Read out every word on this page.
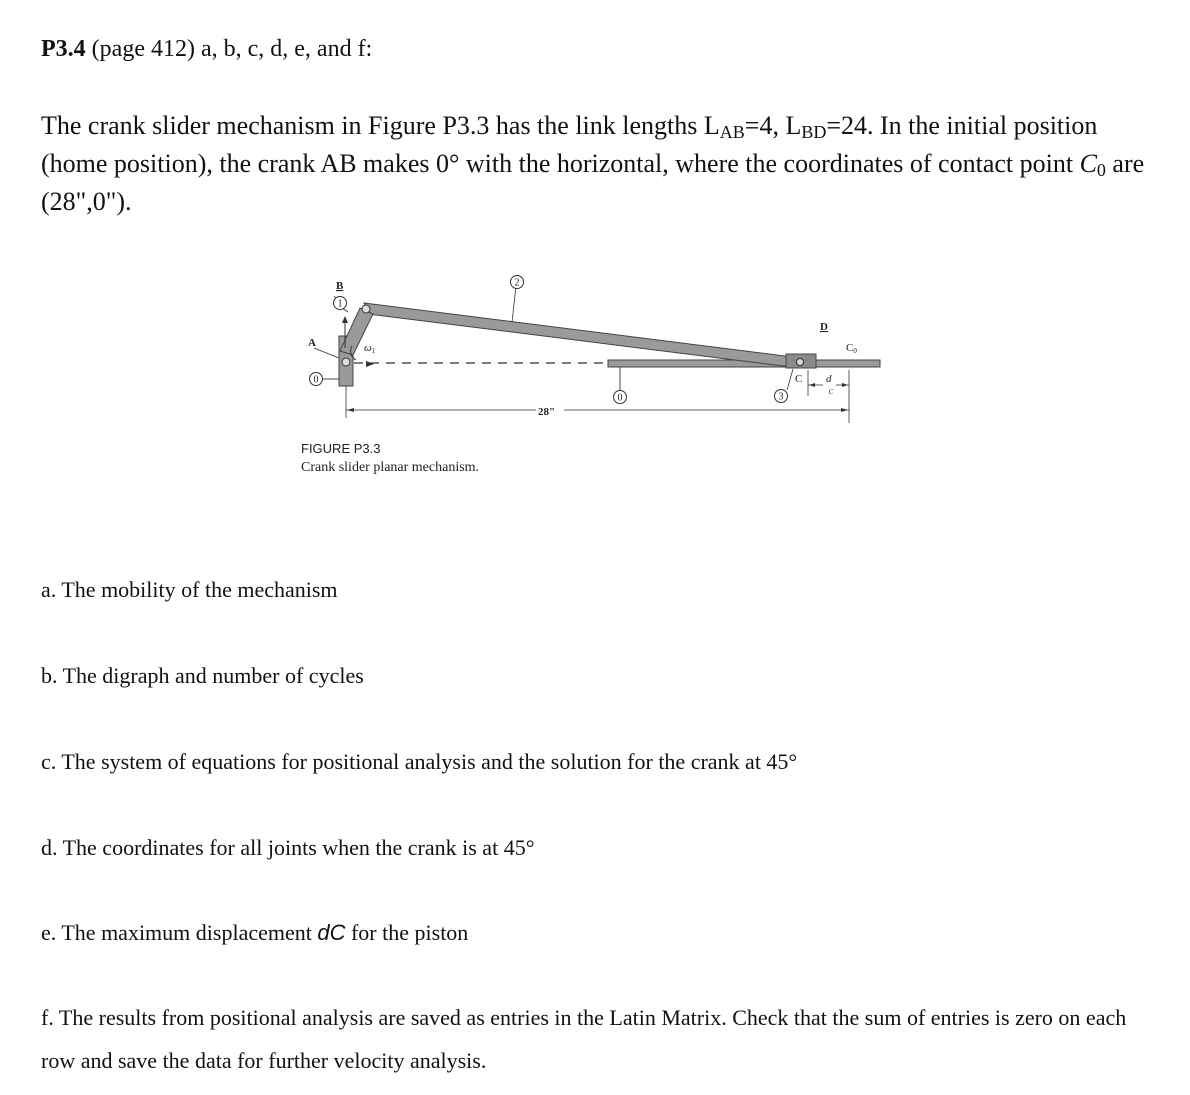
P3.4 (page 412) a, b, c, d, e, and f:
The crank slider mechanism in Figure P3.3 has the link lengths $L_{AB}=4$, $L_{BD}=24$. In the initial position (home position), the crank AB makes 0° with the horizontal, where the coordinates of contact point $C_0$ are (28",0").
0
1
2
0	3
A
B
D
C0
C
ω1
d C
28"
FIGURE P3.3
Crank slider planar mechanism.
a. The mobility of the mechanism
b. The digraph and number of cycles
c. The system of equations for positional analysis and the solution for the crank at 45°
d. The coordinates for all joints when the crank is at 45°
e. The maximum displacement dC for the piston
f. The results from positional analysis are saved as entries in the Latin Matrix. Check that the sum of entries is zero on each row and save the data for further velocity analysis.
